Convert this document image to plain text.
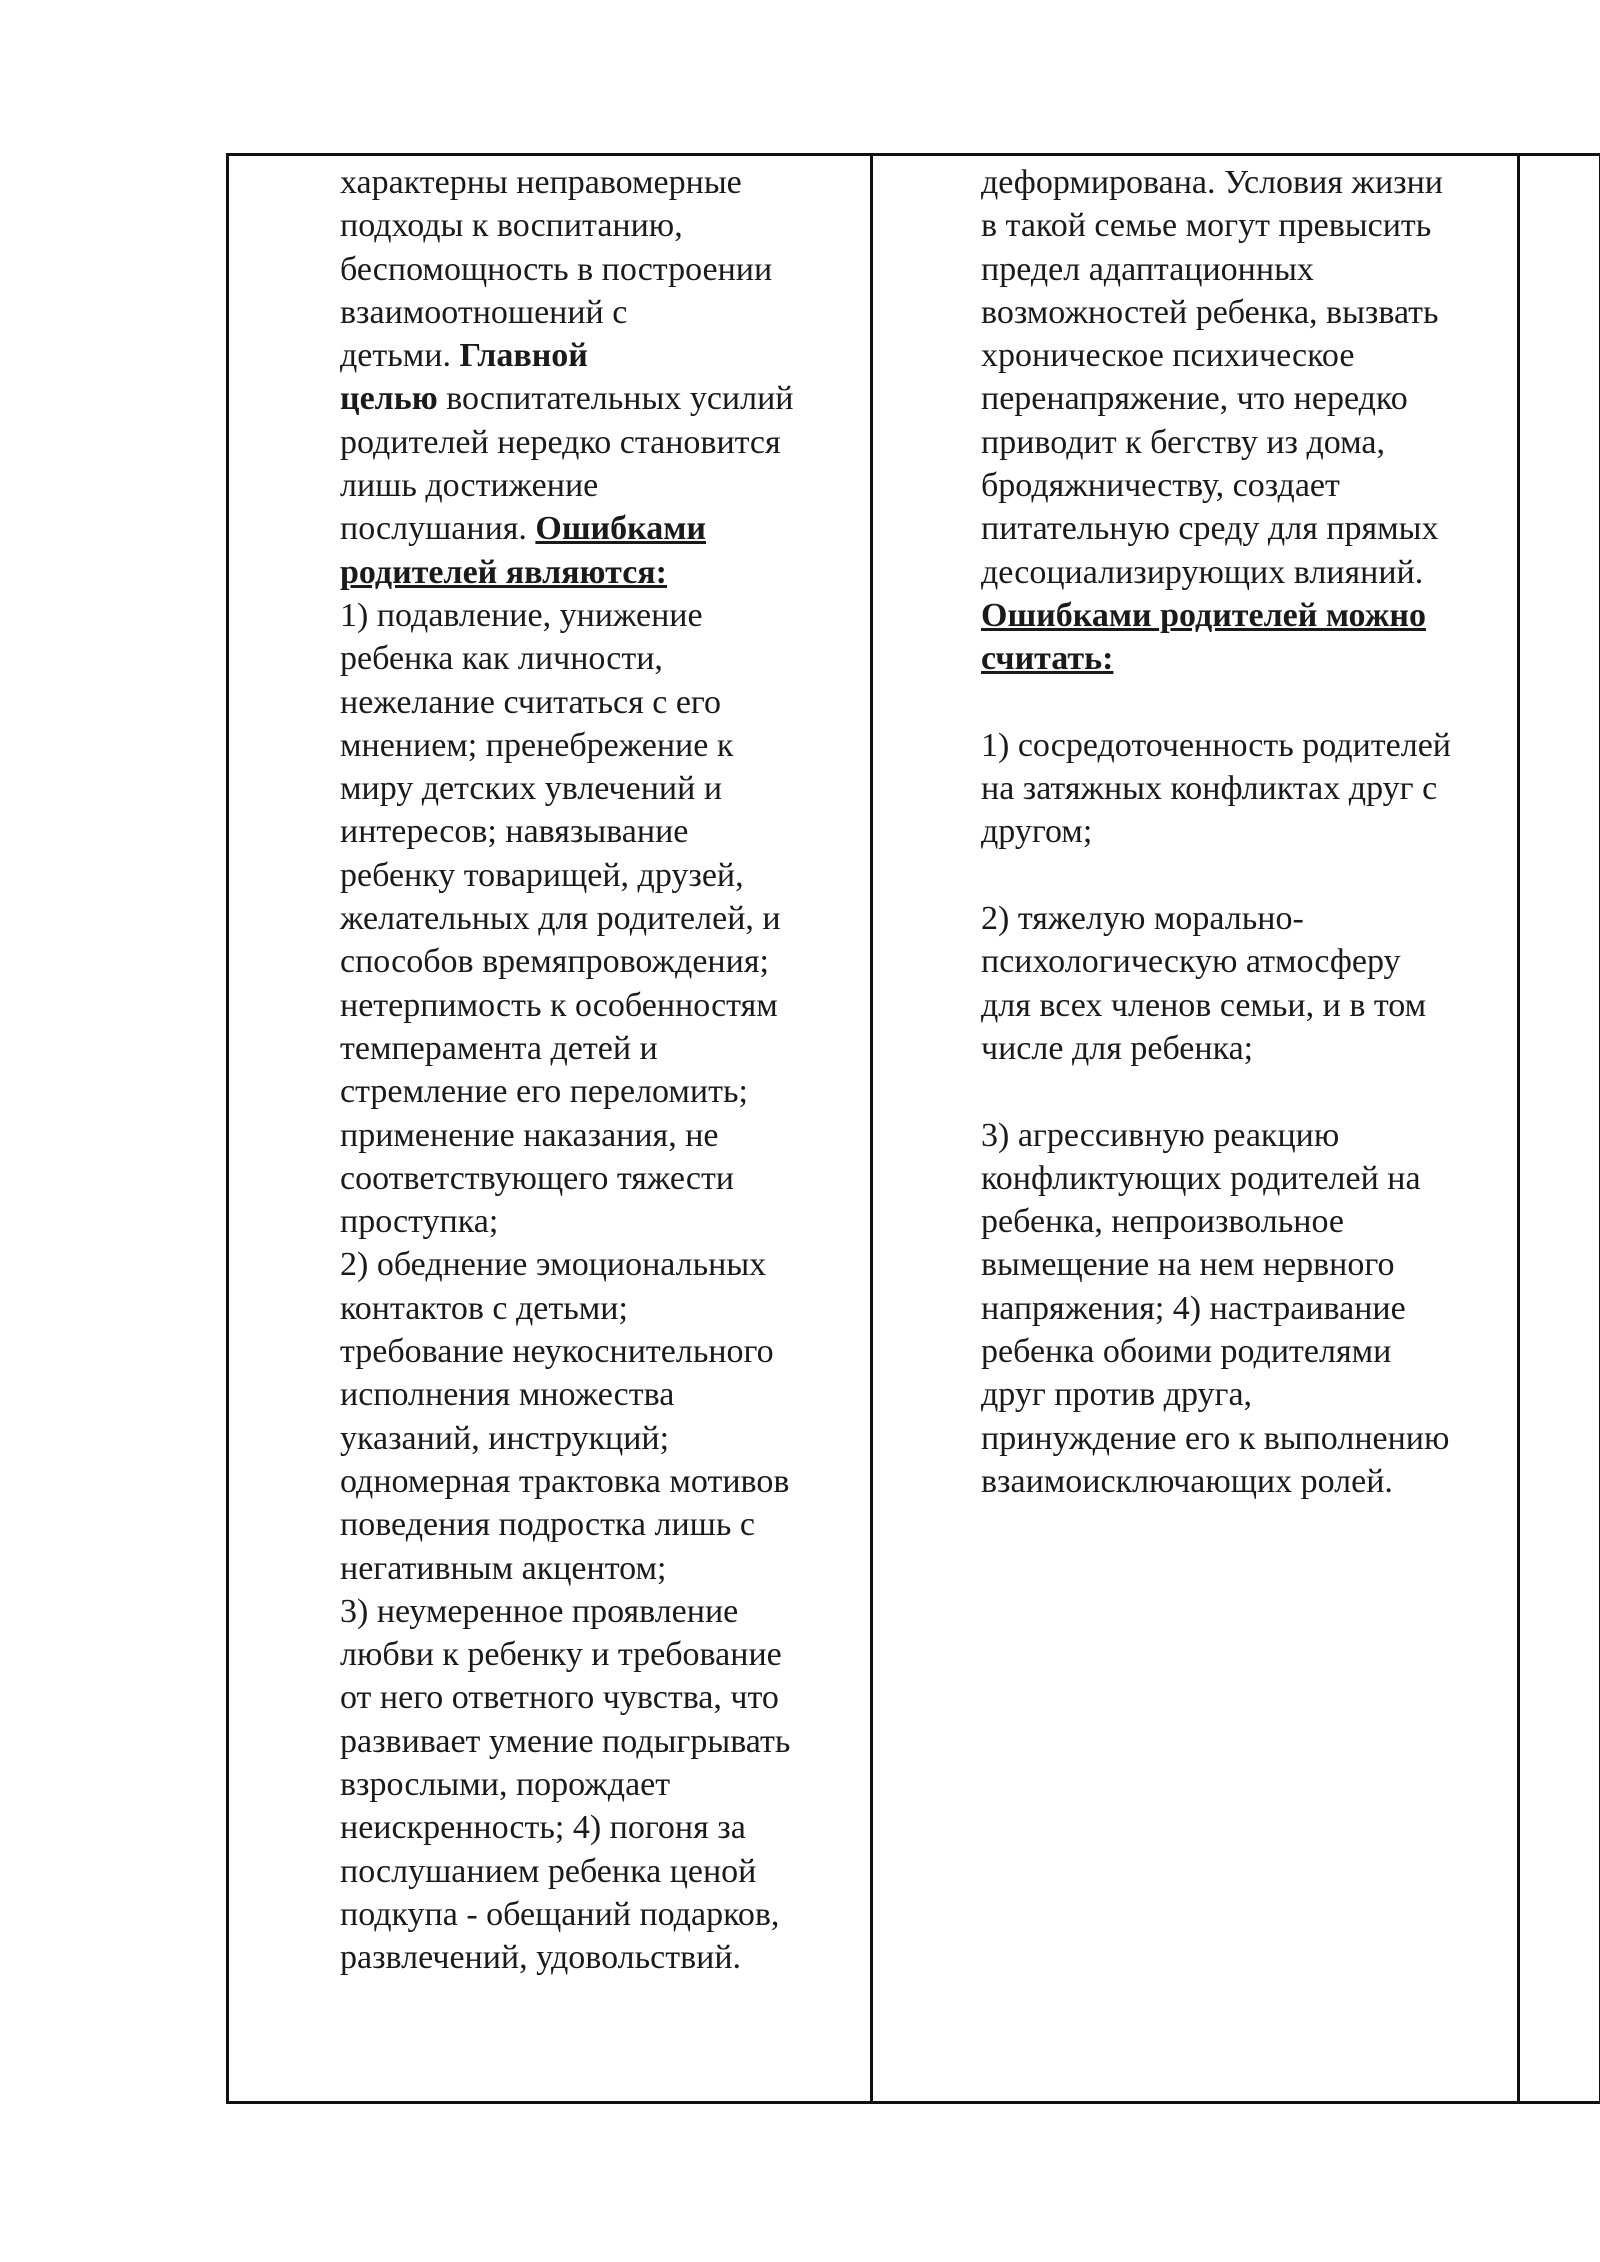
характерны неправомерные
подходы к воспитанию,
беспомощность в построении
взаимоотношений с
детьми. Главной
целью воспитательных усилий
родителей нередко становится
лишь достижение
послушания. Ошибками
родителей являются:
1) подавление, унижение
ребенка как личности,
нежелание считаться с его
мнением; пренебрежение к
миру детских увлечений и
интересов; навязывание
ребенку товарищей, друзей,
желательных для родителей, и
способов времяпровождения;
нетерпимость к особенностям
темперамента детей и
стремление его переломить;
применение наказания, не
соответствующего тяжести
проступка;
2) обеднение эмоциональных
контактов с детьми;
требование неукоснительного
исполнения множества
указаний, инструкций;
одномерная трактовка мотивов
поведения подростка лишь с
негативным акцентом;
3) неумеренное проявление
любви к ребенку и требование
от него ответного чувства, что
развивает умение подыгрывать
взрослыми, порождает
неискренность; 4) погоня за
послушанием ребенка ценой
подкупа - обещаний подарков,
развлечений, удовольствий.
деформирована. Условия жизни
в такой семье могут превысить
предел адаптационных
возможностей ребенка, вызвать
хроническое психическое
перенапряжение, что нередко
приводит к бегству из дома,
бродяжничеству, создает
питательную среду для прямых
десоциализирующих влияний.
Ошибками родителей можно
считать:
1) сосредоточенность родителей
на затяжных конфликтах друг с
другом;
2) тяжелую морально-
психологическую атмосферу
для всех членов семьи, и в том
числе для ребенка;
3) агрессивную реакцию
конфликтующих родителей на
ребенка, непроизвольное
вымещение на нем нервного
напряжения; 4) настраивание
ребенка обоими родителями
друг против друга,
принуждение его к выполнению
взаимоисключающих ролей.
